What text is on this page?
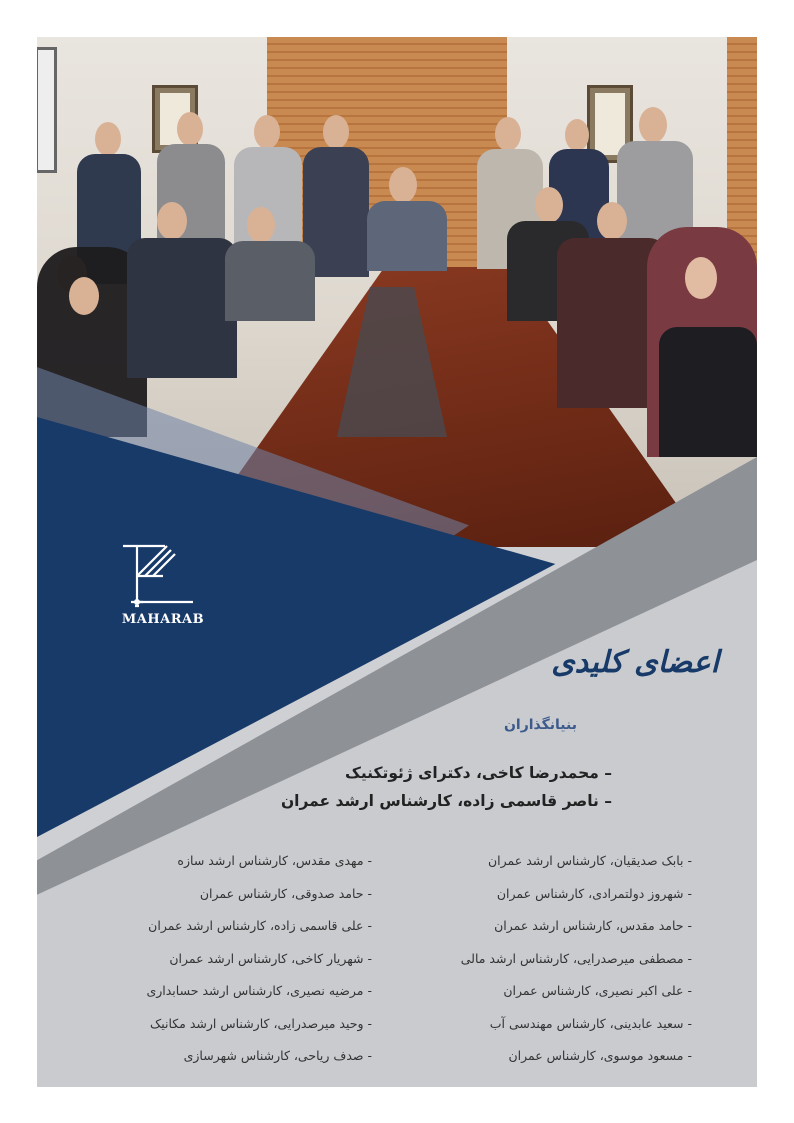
MAHARAB
اعضای کلیدی
بنیانگذاران
– محمدرضا کاخی، دکترای ژئوتکنیک
– ناصر قاسمی زاده، کارشناس ارشد عمران
- بابک صدیقیان، کارشناس ارشد عمران
- شهروز دولتمرادی، کارشناس عمران
- حامد مقدس، کارشناس ارشد عمران
- مصطفی میرصدرایی، کارشناس ارشد مالی
- علی اکبر نصیری، کارشناس عمران
- سعید عابدینی، کارشناس مهندسی آب
- مسعود موسوی، کارشناس عمران
- مهدی مقدس، کارشناس ارشد سازه
- حامد صدوقی، کارشناس عمران
- علی قاسمی زاده، کارشناس ارشد عمران
- شهریار کاخی، کارشناس ارشد عمران
- مرضیه نصیری، کارشناس ارشد حسابداری
- وحید میرصدرایی، کارشناس ارشد مکانیک
- صدف ریاحی، کارشناس شهرسازی
